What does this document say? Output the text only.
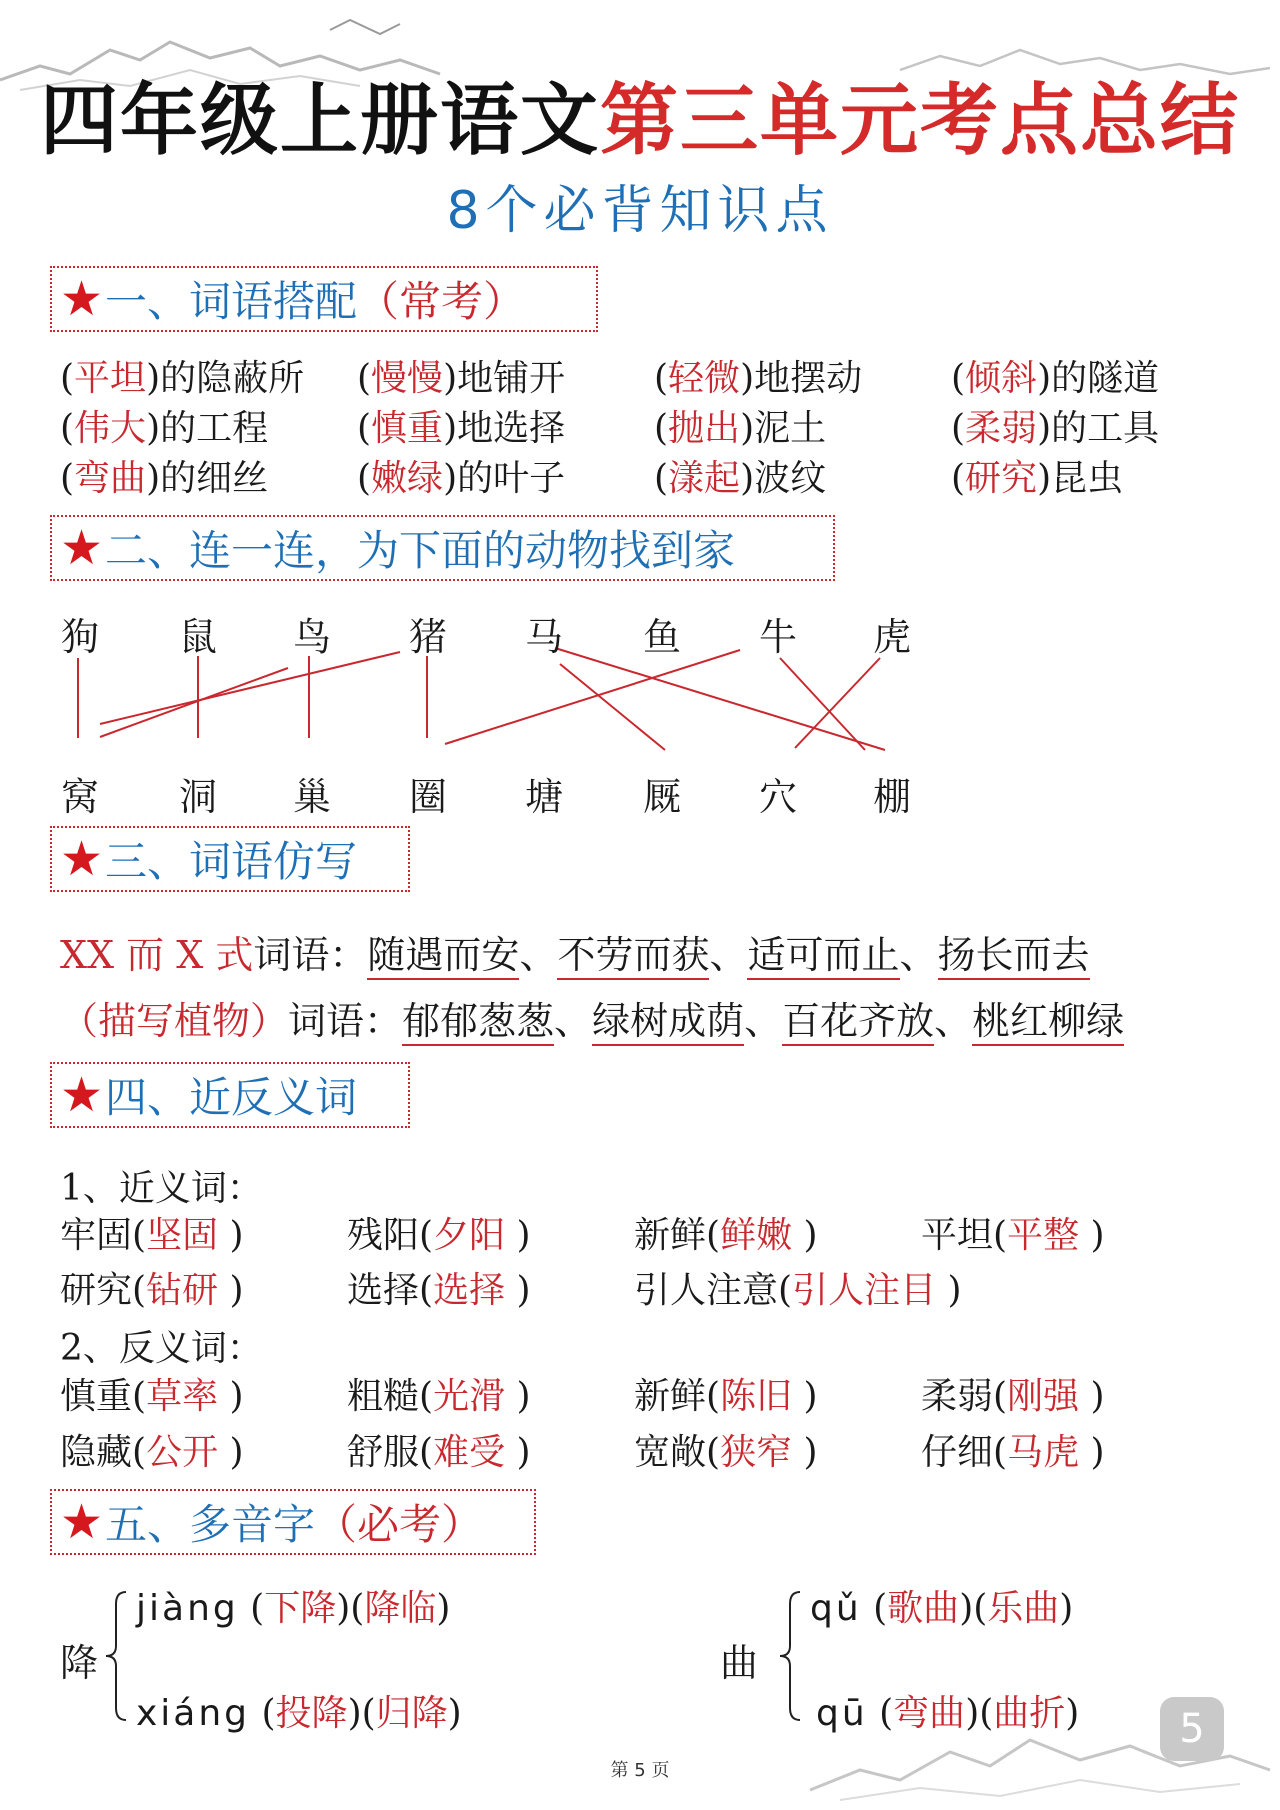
四年级上册语文第三单元考点总结
8个必背知识点
★ 一、词语搭配 （常考）
(平坦)的隐蔽所	(慢慢)地铺开	(轻微)地摆动	(倾斜)的隧道
(伟大)的工程	(慎重)地选择	(抛出)泥土	(柔弱)的工具
(弯曲)的细丝	(嫩绿)的叶子	(漾起)波纹	(研究)昆虫
★ 二、连一连，为下面的动物找到家
狗 鼠 鸟 猪 马 鱼 牛 虎
窝 洞 巢 圈 塘 厩 穴 棚
★ 三、词语仿写
XX 而 X 式词语：随遇而安、不劳而获、适可而止、扬长而去
（描写植物）词语：郁郁葱葱、绿树成荫、百花齐放、桃红柳绿
★ 四、近反义词
1、近义词：
牢固(坚固 )	残阳(夕阳 )	新鲜(鲜嫩 )	平坦(平整 )
研究(钻研 )	选择(选择 )	引人注意(引人注目 )
2、反义词：
慎重(草率 )	粗糙(光滑 )	新鲜(陈旧 )	柔弱(刚强 )
隐藏(公开 )	舒服(难受 )	宽敞(狭窄 )	仔细(马虎 )
★ 五、多音字 （必考）
降
jiàng (下降)(降临)
xiáng (投降)(归降)
曲
qǔ (歌曲)(乐曲)
qū (弯曲)(曲折)	5
第 5 页
